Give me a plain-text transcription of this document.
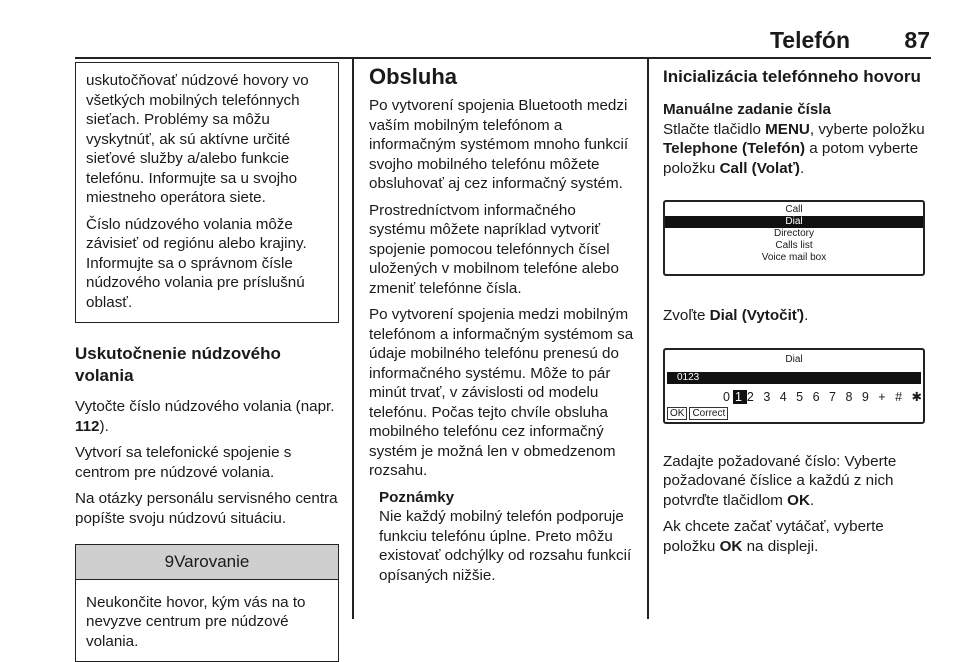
Telefón	87

uskutočňovať núdzové hovory vo všetkých mobilných telefónnych sieťach. Problémy sa môžu vyskytnúť, ak sú aktívne určité sieťové služby a/alebo funkcie telefónu. Informujte sa u svojho miestneho operátora siete.

Číslo núdzového volania môže závisieť od regiónu alebo krajiny. Informujte sa o správnom čísle núdzového volania pre príslušnú oblasť.

Uskutočnenie núdzového volania

Vytočte číslo núdzového volania (napr. 112).

Vytvorí sa telefonické spojenie s centrom pre núdzové volania.

Na otázky personálu servisného centra popíšte svoju núdzovú situáciu.

9Varovanie
Neukončite hovor, kým vás na to nevyzve centrum pre núdzové volania.
Obsluha

Po vytvorení spojenia Bluetooth medzi vaším mobilným telefónom a informačným systémom mnoho funkcií svojho mobilného telefónu môžete obsluhovať aj cez informačný systém.

Prostredníctvom informačného systému môžete napríklad vytvoriť spojenie pomocou telefónnych čísel uložených v mobilnom telefóne alebo zmeniť telefónne čísla.

Po vytvorení spojenia medzi mobilným telefónom a informačným systémom sa údaje mobilného telefónu prenesú do informačného systému. Môže to pár minút trvať, v závislosti od modelu telefónu. Počas tejto chvíle obsluha mobilného telefónu cez informačný systém je možná len v obmedzenom rozsahu.

Poznámky
Nie každý mobilný telefón podporuje funkciu telefónu úplne. Preto môžu existovať odchýlky od rozsahu funkcií opísaných nižšie.
Inicializácia telefónneho hovoru
Manuálne zadanie čísla

Stlačte tlačidlo MENU, vyberte položku Telephone (Telefón) a potom vyberte položku Call (Volať).

Call
Dial
Directory
Calls list
Voice mail box

Zvoľte Dial (Vytočiť).

Dial
0123
0 1 2 3 4 5 6 7 8 9 + # ✱
OK Correct

Zadajte požadované číslo: Vyberte požadované číslice a každú z nich potvrďte tlačidlom OK.

Ak chcete začať vytáčať, vyberte položku OK na displeji.
